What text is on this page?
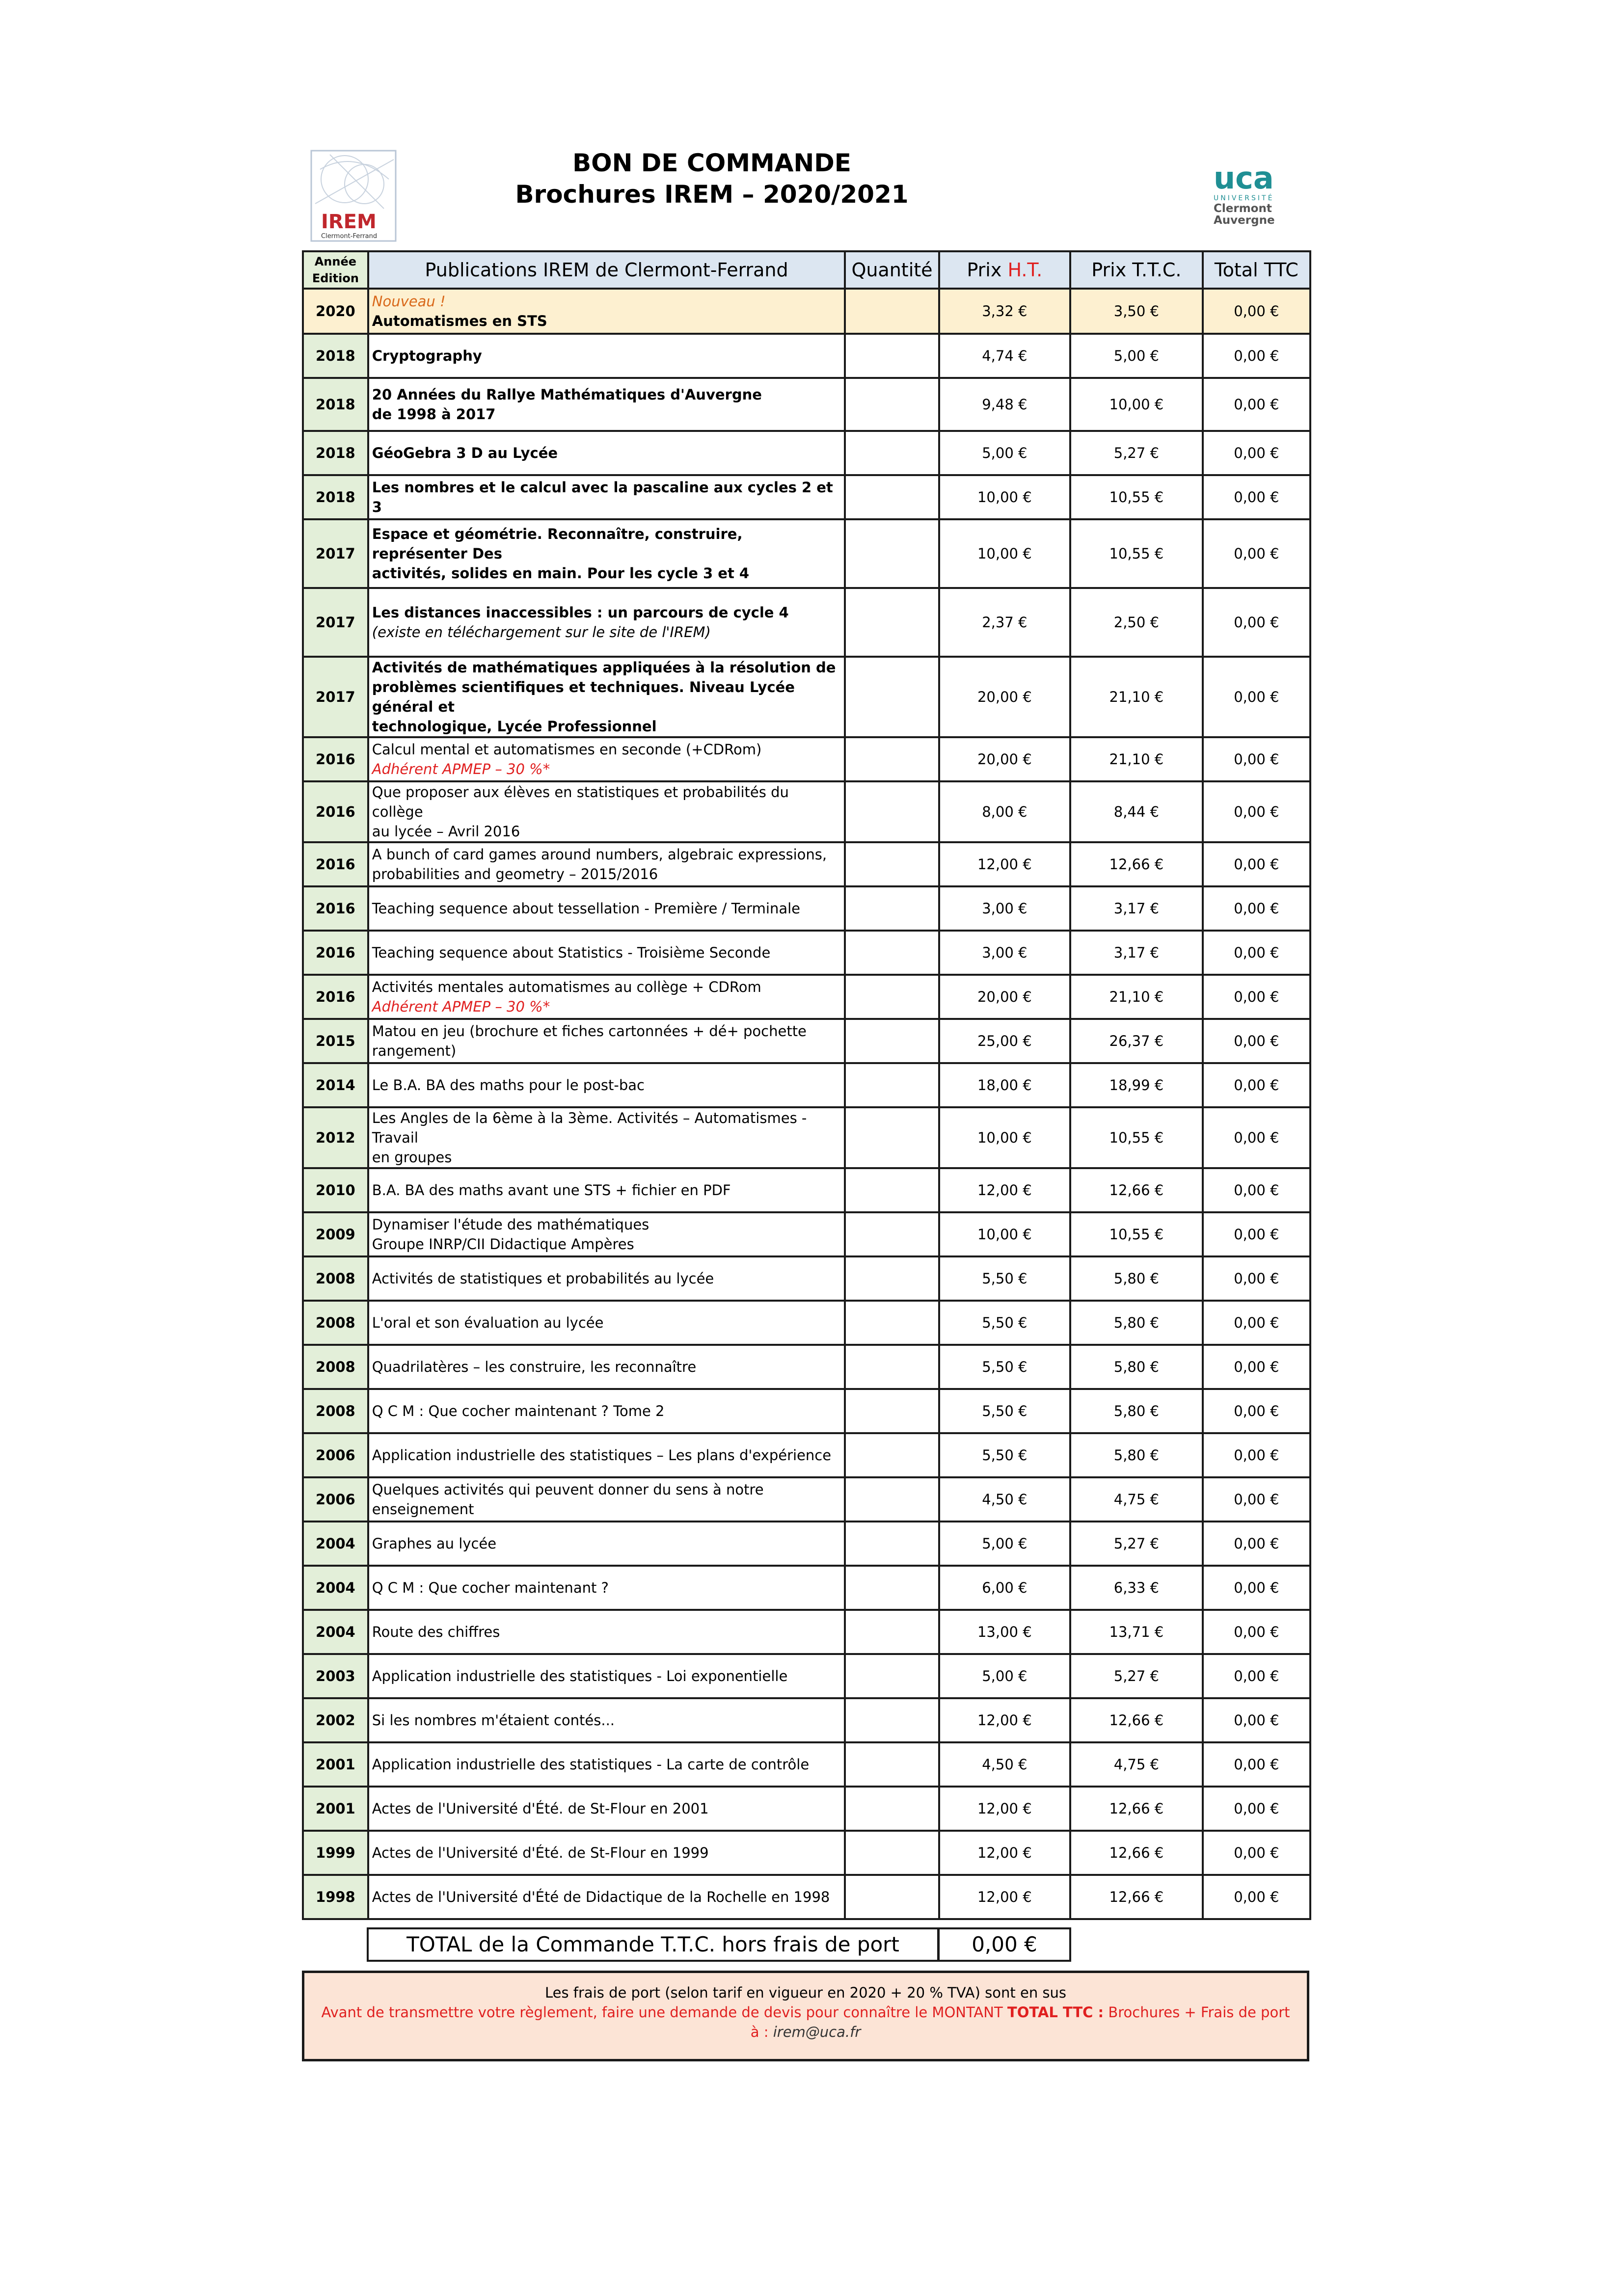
IREM
Clermont-Ferrand
uca
UNIVERSITÉ
Clermont
Auvergne
BON DE COMMANDE
Brochures IREM – 2020/2021
Année
Edition	Publications IREM de Clermont-Ferrand	Quantité	Prix H.T.	Prix T.T.C.	Total TTC
2020	Nouveau !
Automatismes en STS		3,32 €	3,50 €	0,00 €
2018	Cryptography		4,74 €	5,00 €	0,00 €
2018	20 Années du Rallye Mathématiques d'Auvergne
de 1998 à 2017		9,48 €	10,00 €	0,00 €
2018	GéoGebra 3 D au Lycée		5,00 €	5,27 €	0,00 €
2018	Les nombres et le calcul avec la pascaline aux cycles 2 et 3		10,00 €	10,55 €	0,00 €
2017	Espace et géométrie. Reconnaître, construire, représenter Des
activités, solides en main. Pour les cycle 3 et 4		10,00 €	10,55 €	0,00 €
2017	Les distances inaccessibles : un parcours de cycle 4
(existe en téléchargement sur le site de l'IREM)		2,37 €	2,50 €	0,00 €
2017	Activités de mathématiques appliquées à la résolution de
problèmes scientifiques et techniques. Niveau Lycée général et
technologique, Lycée Professionnel		20,00 €	21,10 €	0,00 €
2016	Calcul mental et automatismes en seconde (+CDRom)
Adhérent APMEP – 30 %*		20,00 €	21,10 €	0,00 €
2016	Que proposer aux élèves en statistiques et probabilités du collège
au lycée – Avril 2016		8,00 €	8,44 €	0,00 €
2016	A bunch of card games around numbers, algebraic expressions,
probabilities and geometry – 2015/2016		12,00 €	12,66 €	0,00 €
2016	Teaching sequence about tessellation - Première / Terminale		3,00 €	3,17 €	0,00 €
2016	Teaching sequence about Statistics - Troisième Seconde		3,00 €	3,17 €	0,00 €
2016	Activités mentales automatismes au collège + CDRom
Adhérent APMEP – 30 %*		20,00 €	21,10 €	0,00 €
2015	Matou en jeu (brochure et fiches cartonnées + dé+ pochette
rangement)		25,00 €	26,37 €	0,00 €
2014	Le B.A. BA des maths pour le post-bac		18,00 €	18,99 €	0,00 €
2012	Les Angles de la 6ème à la 3ème. Activités – Automatismes - Travail
en groupes		10,00 €	10,55 €	0,00 €
2010	B.A. BA des maths avant une STS + fichier en PDF		12,00 €	12,66 €	0,00 €
2009	Dynamiser l'étude des mathématiques
Groupe INRP/CII Didactique Ampères		10,00 €	10,55 €	0,00 €
2008	Activités de statistiques et probabilités au lycée		5,50 €	5,80 €	0,00 €
2008	L'oral et son évaluation au lycée		5,50 €	5,80 €	0,00 €
2008	Quadrilatères – les construire, les reconnaître		5,50 €	5,80 €	0,00 €
2008	Q C M : Que cocher maintenant ? Tome 2		5,50 €	5,80 €	0,00 €
2006	Application industrielle des statistiques – Les plans d'expérience		5,50 €	5,80 €	0,00 €
2006	Quelques activités qui peuvent donner du sens à notre
enseignement		4,50 €	4,75 €	0,00 €
2004	Graphes au lycée		5,00 €	5,27 €	0,00 €
2004	Q C M : Que cocher maintenant ?		6,00 €	6,33 €	0,00 €
2004	Route des chiffres		13,00 €	13,71 €	0,00 €
2003	Application industrielle des statistiques - Loi exponentielle		5,00 €	5,27 €	0,00 €
2002	Si les nombres m'étaient contés...		12,00 €	12,66 €	0,00 €
2001	Application industrielle des statistiques - La carte de contrôle		4,50 €	4,75 €	0,00 €
2001	Actes de l'Université d'Été. de St-Flour en 2001		12,00 €	12,66 €	0,00 €
1999	Actes de l'Université d'Été. de St-Flour en 1999		12,00 €	12,66 €	0,00 €
1998	Actes de l'Université d'Été de Didactique de la Rochelle en 1998		12,00 €	12,66 €	0,00 €
TOTAL de la Commande T.T.C. hors frais de port	0,00 €
Les frais de port (selon tarif en vigueur en 2020 + 20 % TVA) sont en sus
Avant de transmettre votre règlement, faire une demande de devis pour connaître le MONTANT TOTAL TTC : Brochures + Frais de port
à : irem@uca.fr
